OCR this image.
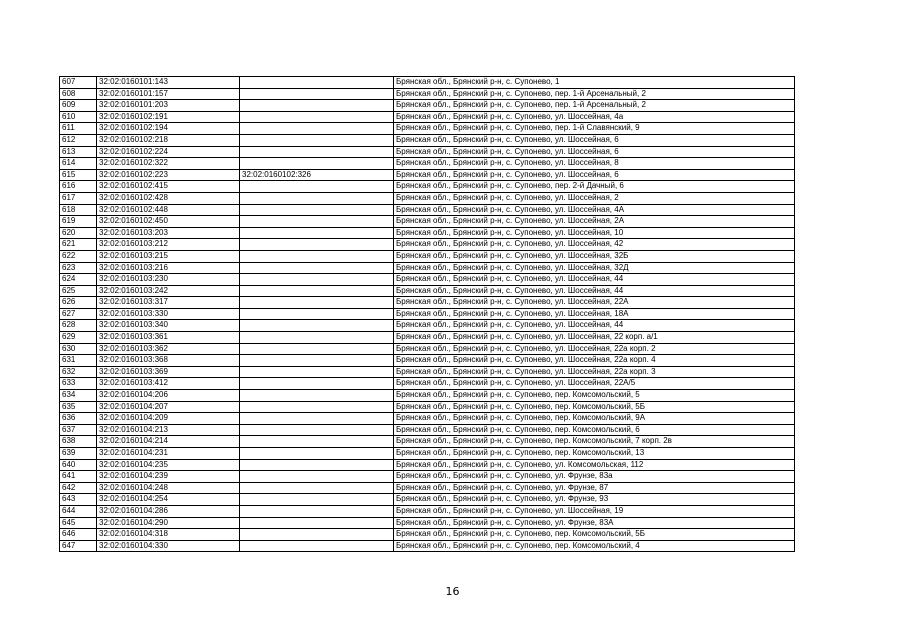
607	32:02:0160101:143		Брянская обл., Брянский р-н, с. Супонево, 1
608	32:02:0160101:157		Брянская обл., Брянский р-н, с. Супонево, пер. 1-й Арсенальный, 2
609	32:02:0160101:203		Брянская обл., Брянский р-н, с. Супонево, пер. 1-й Арсенальный, 2
610	32:02:0160102:191		Брянская обл., Брянский р-н, с. Супонево, ул. Шоссейная, 4а
611	32:02:0160102:194		Брянская обл., Брянский р-н, с. Супонево, пер. 1-й Славянский, 9
612	32:02:0160102:218		Брянская обл., Брянский р-н, с. Супонево, ул. Шоссейная, 6
613	32:02:0160102:224		Брянская обл., Брянский р-н, с. Супонево, ул. Шоссейная, 6
614	32:02:0160102:322		Брянская обл., Брянский р-н, с. Супонево, ул. Шоссейная, 8
615	32:02:0160102:223	32:02:0160102:326	Брянская обл., Брянский р-н, с. Супонево, ул. Шоссейная, 6
616	32:02:0160102:415		Брянская обл., Брянский р-н, с. Супонево, пер. 2-й Дачный, 6
617	32:02:0160102:428		Брянская обл., Брянский р-н, с. Супонево, ул. Шоссейная, 2
618	32:02:0160102:448		Брянская обл., Брянский р-н, с. Супонево, ул. Шоссейная, 4А
619	32:02:0160102:450		Брянская обл., Брянский р-н, с. Супонево, ул. Шоссейная, 2А
620	32:02:0160103:203		Брянская обл., Брянский р-н, с. Супонево, ул. Шоссейная, 10
621	32:02:0160103:212		Брянская обл., Брянский р-н, с. Супонево, ул. Шоссейная, 42
622	32:02:0160103:215		Брянская обл., Брянский р-н, с. Супонево, ул. Шоссейная, 32Б
623	32:02:0160103:216		Брянская обл., Брянский р-н, с. Супонево, ул. Шоссейная, 32Д
624	32:02:0160103:230		Брянская обл., Брянский р-н, с. Супонево, ул. Шоссейная, 44
625	32:02:0160103:242		Брянская обл., Брянский р-н, с. Супонево, ул. Шоссейная, 44
626	32:02:0160103:317		Брянская обл., Брянский р-н, с. Супонево, ул. Шоссейная, 22А
627	32:02:0160103:330		Брянская обл., Брянский р-н, с. Супонево, ул. Шоссейная, 18А
628	32:02:0160103:340		Брянская обл., Брянский р-н, с. Супонево, ул. Шоссейная, 44
629	32:02:0160103:361		Брянская обл., Брянский р-н, с. Супонево, ул. Шоссейная, 22 корп. а/1
630	32:02:0160103:362		Брянская обл., Брянский р-н, с. Супонево, ул. Шоссейная, 22а корп. 2
631	32:02:0160103:368		Брянская обл., Брянский р-н, с. Супонево, ул. Шоссейная, 22а корп. 4
632	32:02:0160103:369		Брянская обл., Брянский р-н, с. Супонево, ул. Шоссейная, 22а корп. 3
633	32:02:0160103:412		Брянская обл., Брянский р-н, с. Супонево, ул. Шоссейная, 22А/5
634	32:02:0160104:206		Брянская обл., Брянский р-н, с. Супонево, пер. Комсомольский, 5
635	32:02:0160104:207		Брянская обл., Брянский р-н, с. Супонево, пер. Комсомольский, 5Б
636	32:02:0160104:209		Брянская обл., Брянский р-н, с. Супонево, пер. Комсомольский, 9А
637	32:02:0160104:213		Брянская обл., Брянский р-н, с. Супонево, пер. Комсомольский, 6
638	32:02:0160104:214		Брянская обл., Брянский р-н, с. Супонево, пер. Комсомольский, 7 корп. 2в
639	32:02:0160104:231		Брянская обл., Брянский р-н, с. Супонево, пер. Комсомольский, 13
640	32:02:0160104:235		Брянская обл., Брянский р-н, с. Супонево, ул. Комсомольская, 112
641	32:02:0160104:239		Брянская обл., Брянский р-н, с. Супонево, ул. Фрунзе, 83а
642	32:02:0160104:248		Брянская обл., Брянский р-н, с. Супонево, ул. Фрунзе, 87
643	32:02:0160104:254		Брянская обл., Брянский р-н, с. Супонево, ул. Фрунзе, 93
644	32:02:0160104:286		Брянская обл., Брянский р-н, с. Супонево, ул. Шоссейная, 19
645	32:02:0160104:290		Брянская обл., Брянский р-н, с. Супонево, ул. Фрунзе, 83А
646	32:02:0160104:318		Брянская обл., Брянский р-н, с. Супонево, пер. Комсомольский, 5Б
647	32:02:0160104:330		Брянская обл., Брянский р-н, с. Супонево, пер. Комсомольский, 4
16
